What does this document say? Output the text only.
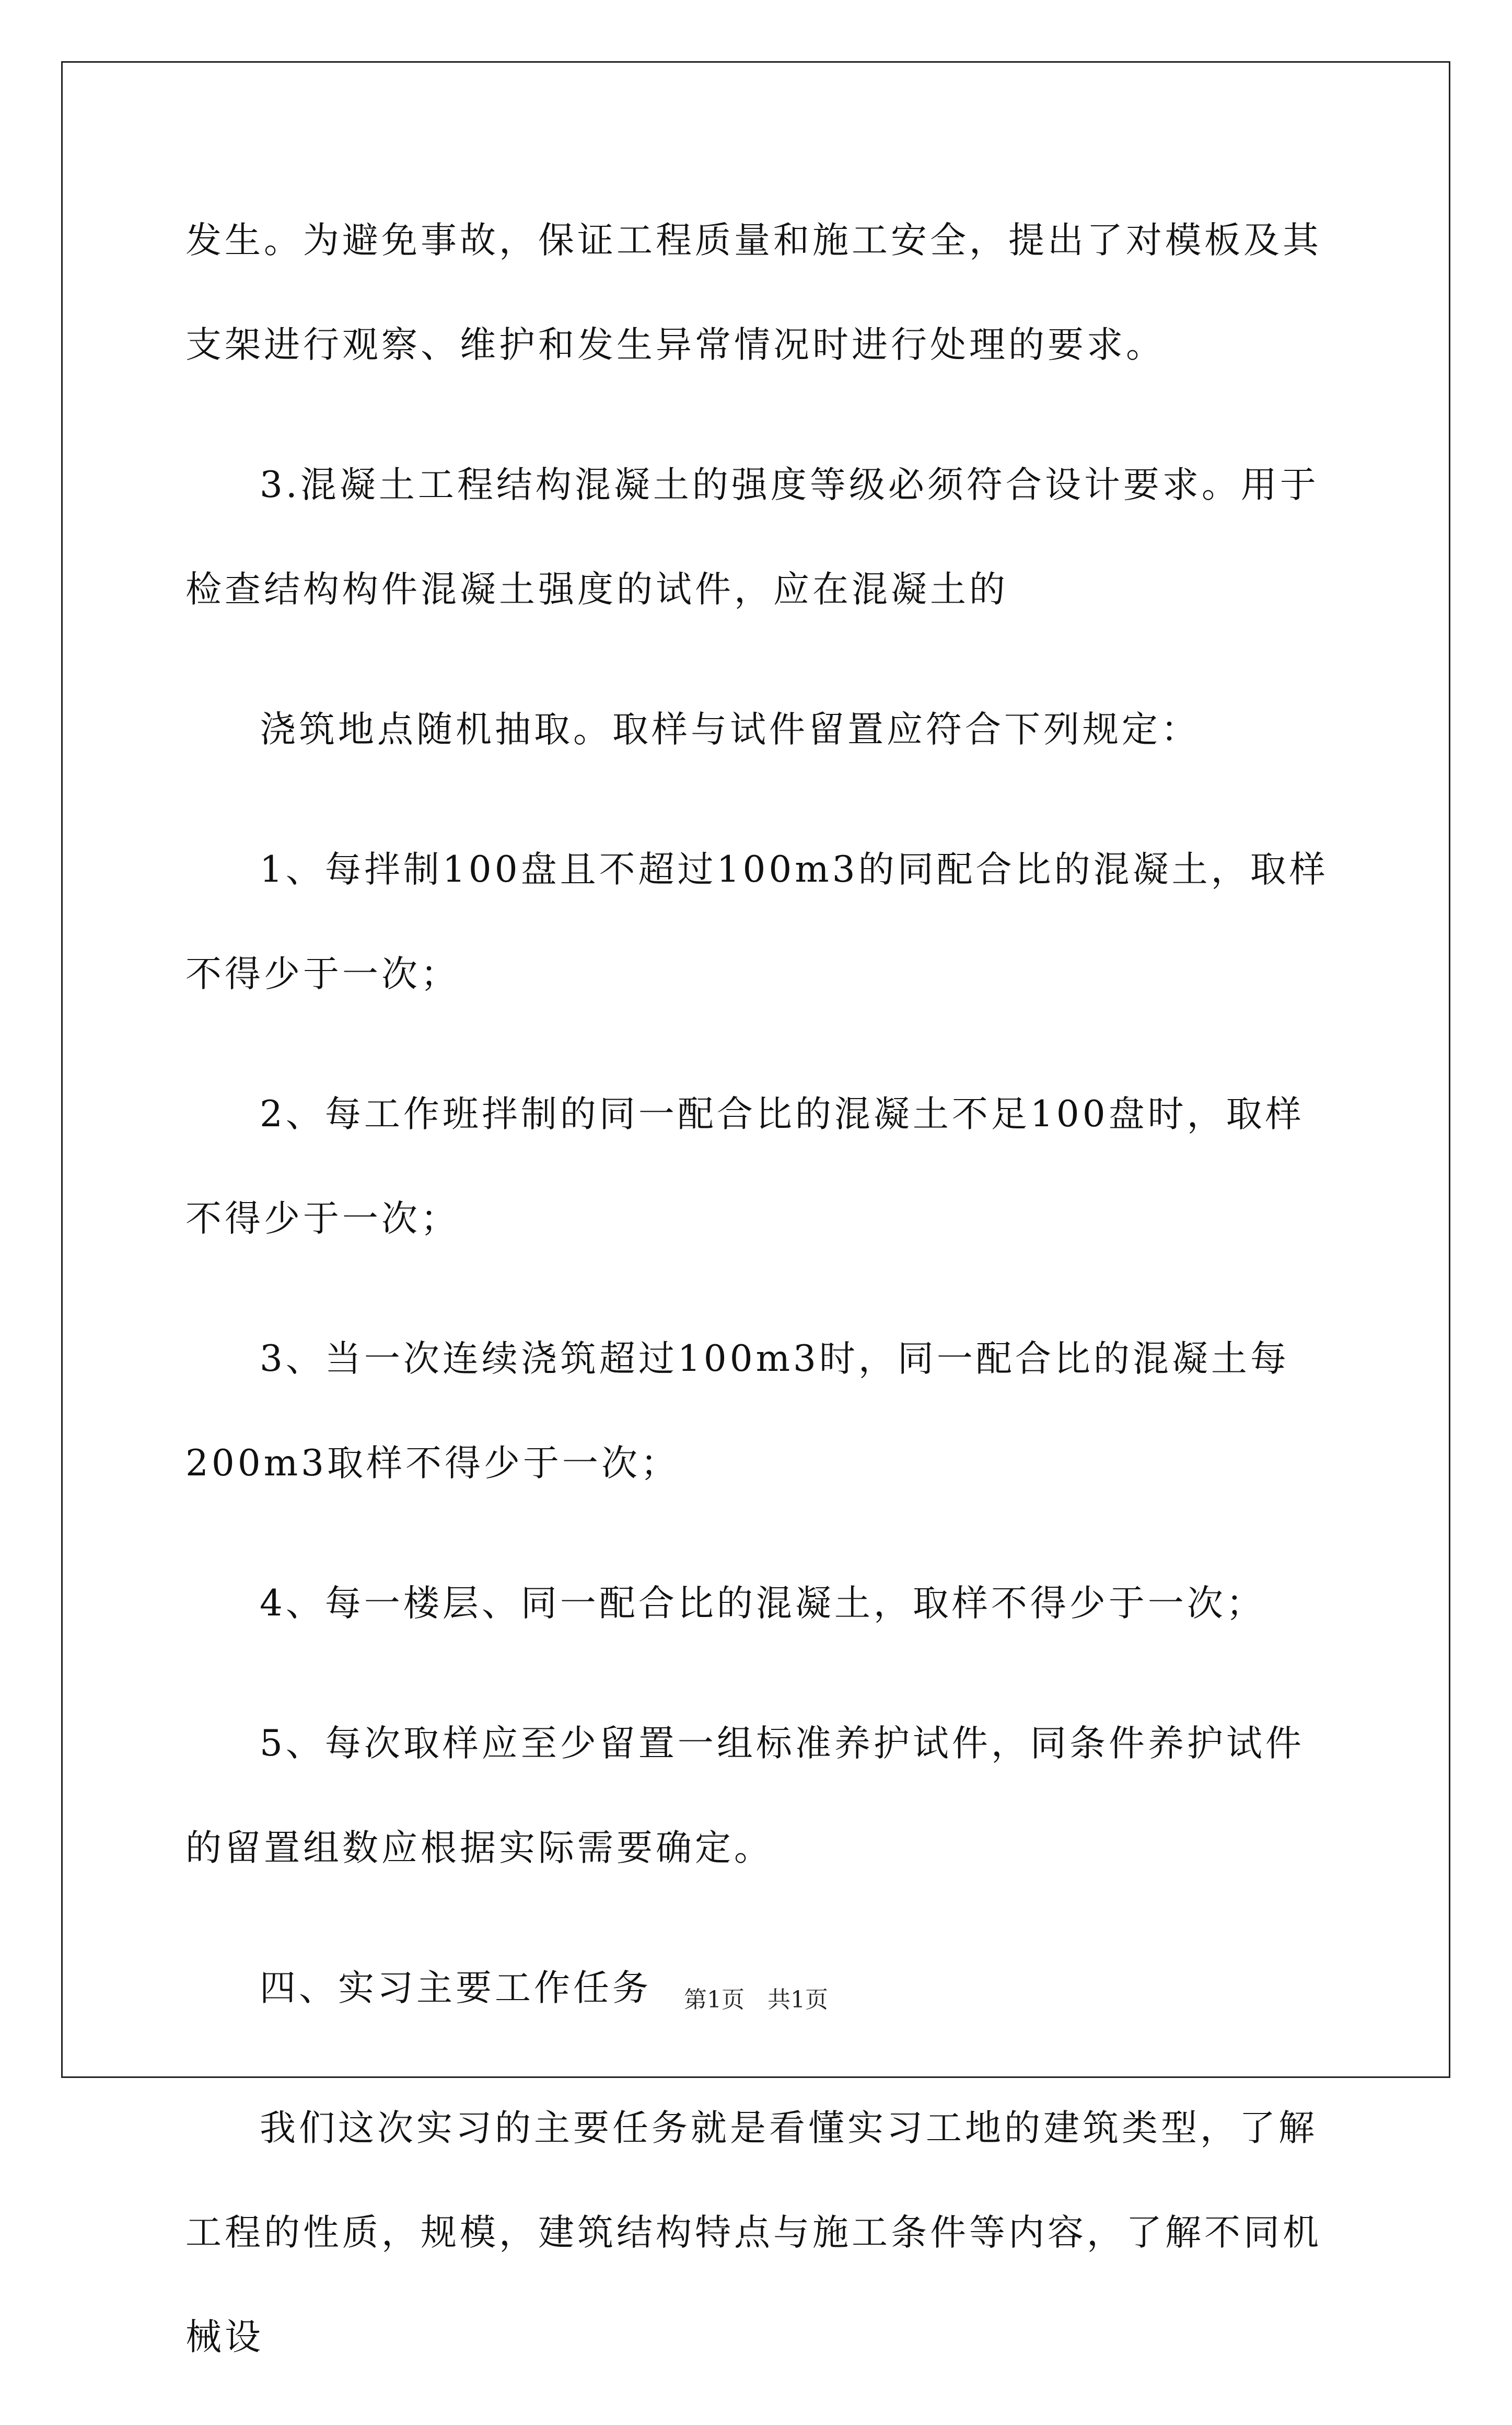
发生。为避免事故，保证工程质量和施工安全，提出了对模板及其支架进行观察、维护和发生异常情况时进行处理的要求。

3.混凝土工程结构混凝土的强度等级必须符合设计要求。用于检查结构构件混凝土强度的试件，应在混凝土的

浇筑地点随机抽取。取样与试件留置应符合下列规定：

1、每拌制100盘且不超过100m3的同配合比的混凝土，取样不得少于一次；

2、每工作班拌制的同一配合比的混凝土不足100盘时，取样不得少于一次；

3、当一次连续浇筑超过100m3时，同一配合比的混凝土每200m3取样不得少于一次；

4、每一楼层、同一配合比的混凝土，取样不得少于一次；

5、每次取样应至少留置一组标准养护试件，同条件养护试件的留置组数应根据实际需要确定。

四、实习主要工作任务

我们这次实习的主要任务就是看懂实习工地的建筑类型，了解工程的性质，规模，建筑结构特点与施工条件等内容，了解不同机械设

第1页　共1页
